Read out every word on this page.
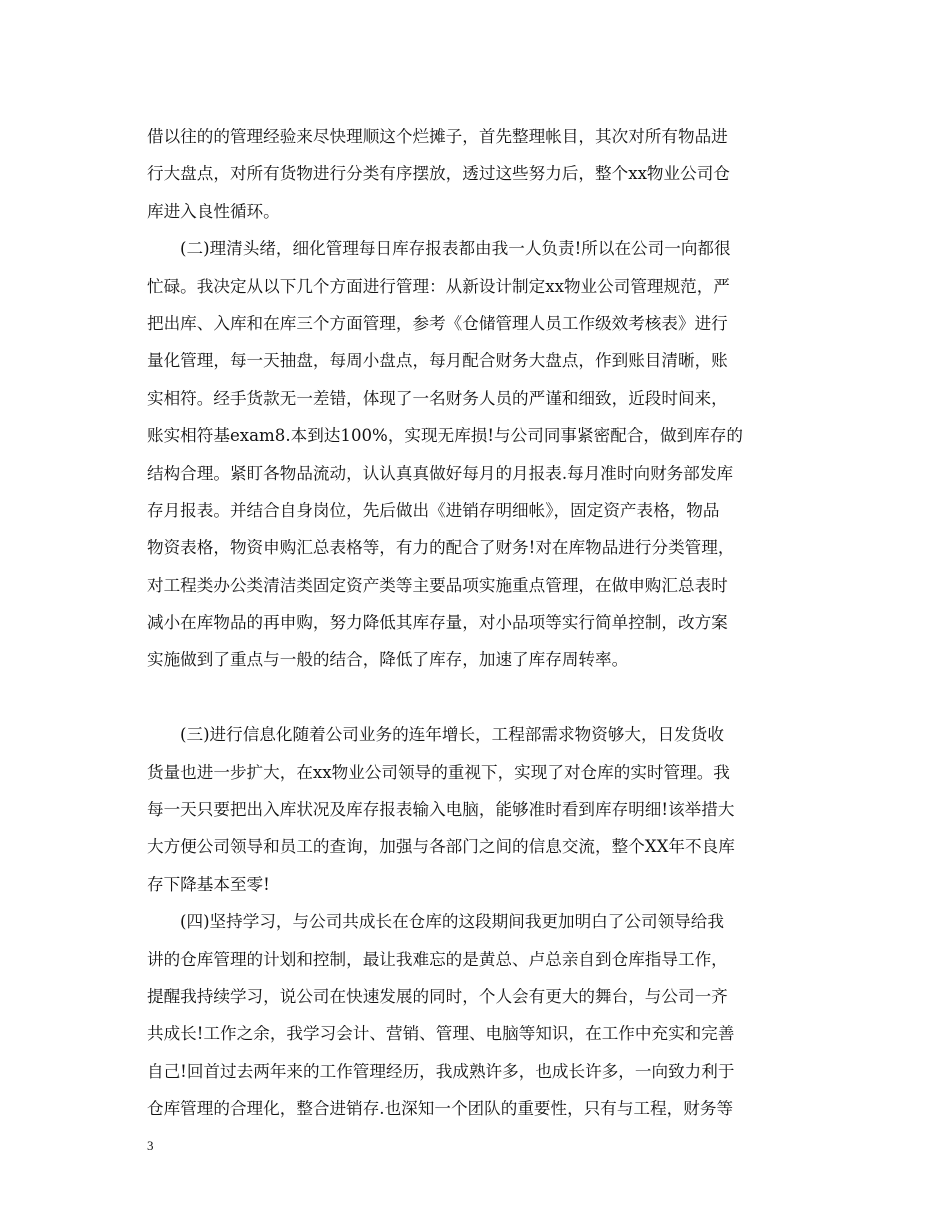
借以往的的管理经验来尽快理顺这个烂摊子，首先整理帐目，其次对所有物品进
行大盘点，对所有货物进行分类有序摆放，透过这些努力后，整个xx物业公司仓
库进入良性循环。
(二)理清头绪，细化管理每日库存报表都由我一人负责!所以在公司一向都很
忙碌。我决定从以下几个方面进行管理：从新设计制定xx物业公司管理规范，严
把出库、入库和在库三个方面管理，参考《仓储管理人员工作级效考核表》进行
量化管理，每一天抽盘，每周小盘点，每月配合财务大盘点，作到账目清晰，账
实相符。经手货款无一差错，体现了一名财务人员的严谨和细致，近段时间来，
账实相符基exam8.本到达100%，实现无库损!与公司同事紧密配合，做到库存的
结构合理。紧盯各物品流动，认认真真做好每月的月报表.每月准时向财务部发库
存月报表。并结合自身岗位，先后做出《进销存明细帐》，固定资产表格，物品
物资表格，物资申购汇总表格等，有力的配合了财务!对在库物品进行分类管理，
对工程类办公类清洁类固定资产类等主要品项实施重点管理，在做申购汇总表时
减小在库物品的再申购，努力降低其库存量，对小品项等实行简单控制，改方案
实施做到了重点与一般的结合，降低了库存，加速了库存周转率。
(三)进行信息化随着公司业务的连年增长，工程部需求物资够大，日发货收
货量也进一步扩大，在xx物业公司领导的重视下，实现了对仓库的实时管理。我
每一天只要把出入库状况及库存报表输入电脑，能够准时看到库存明细!该举措大
大方便公司领导和员工的查询，加强与各部门之间的信息交流，整个XX年不良库
存下降基本至零!
(四)坚持学习，与公司共成长在仓库的这段期间我更加明白了公司领导给我
讲的仓库管理的计划和控制，最让我难忘的是黄总、卢总亲自到仓库指导工作，
提醒我持续学习，说公司在快速发展的同时，个人会有更大的舞台，与公司一齐
共成长!工作之余，我学习会计、营销、管理、电脑等知识，在工作中充实和完善
自己!回首过去两年来的工作管理经历，我成熟许多，也成长许多，一向致力利于
仓库管理的合理化，整合进销存.也深知一个团队的重要性，只有与工程，财务等
3
